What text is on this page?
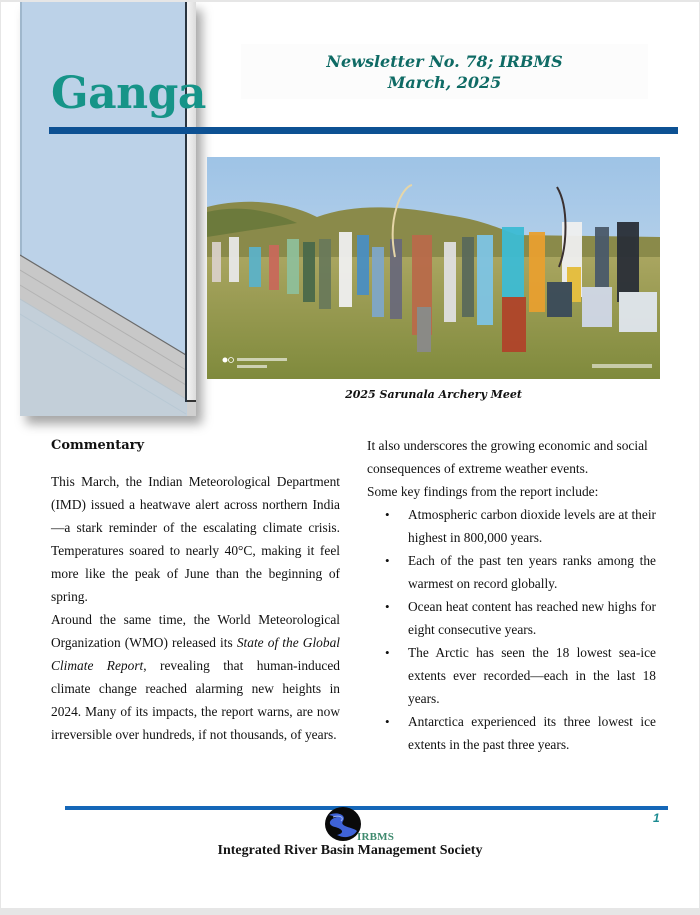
Ganga
Newsletter No. 78; IRBMS
March, 2025
2025 Sarunala Archery Meet
Commentary

This March, the Indian Meteorological Department (IMD) issued a heatwave alert across northern India—a stark reminder of the escalating climate crisis. Temperatures soared to nearly 40°C, making it feel more like the peak of June than the beginning of spring.

Around the same time, the World Meteorological Organization (WMO) released its State of the Global Climate Report, revealing that human-induced climate change reached alarming new heights in 2024. Many of its impacts, the report warns, are now irreversible over hundreds, if not thousands, of years.

It also underscores the growing economic and social consequences of extreme weather events.

Some key findings from the report include:

• Atmospheric carbon dioxide levels are at their highest in 800,000 years.
• Each of the past ten years ranks among the warmest on record globally.
• Ocean heat content has reached new highs for eight consecutive years.
• The Arctic has seen the 18 lowest sea-ice extents ever recorded—each in the last 18 years.
• Antarctica experienced its three lowest ice extents in the past three years.
IRBMS
1
Integrated River Basin Management Society
